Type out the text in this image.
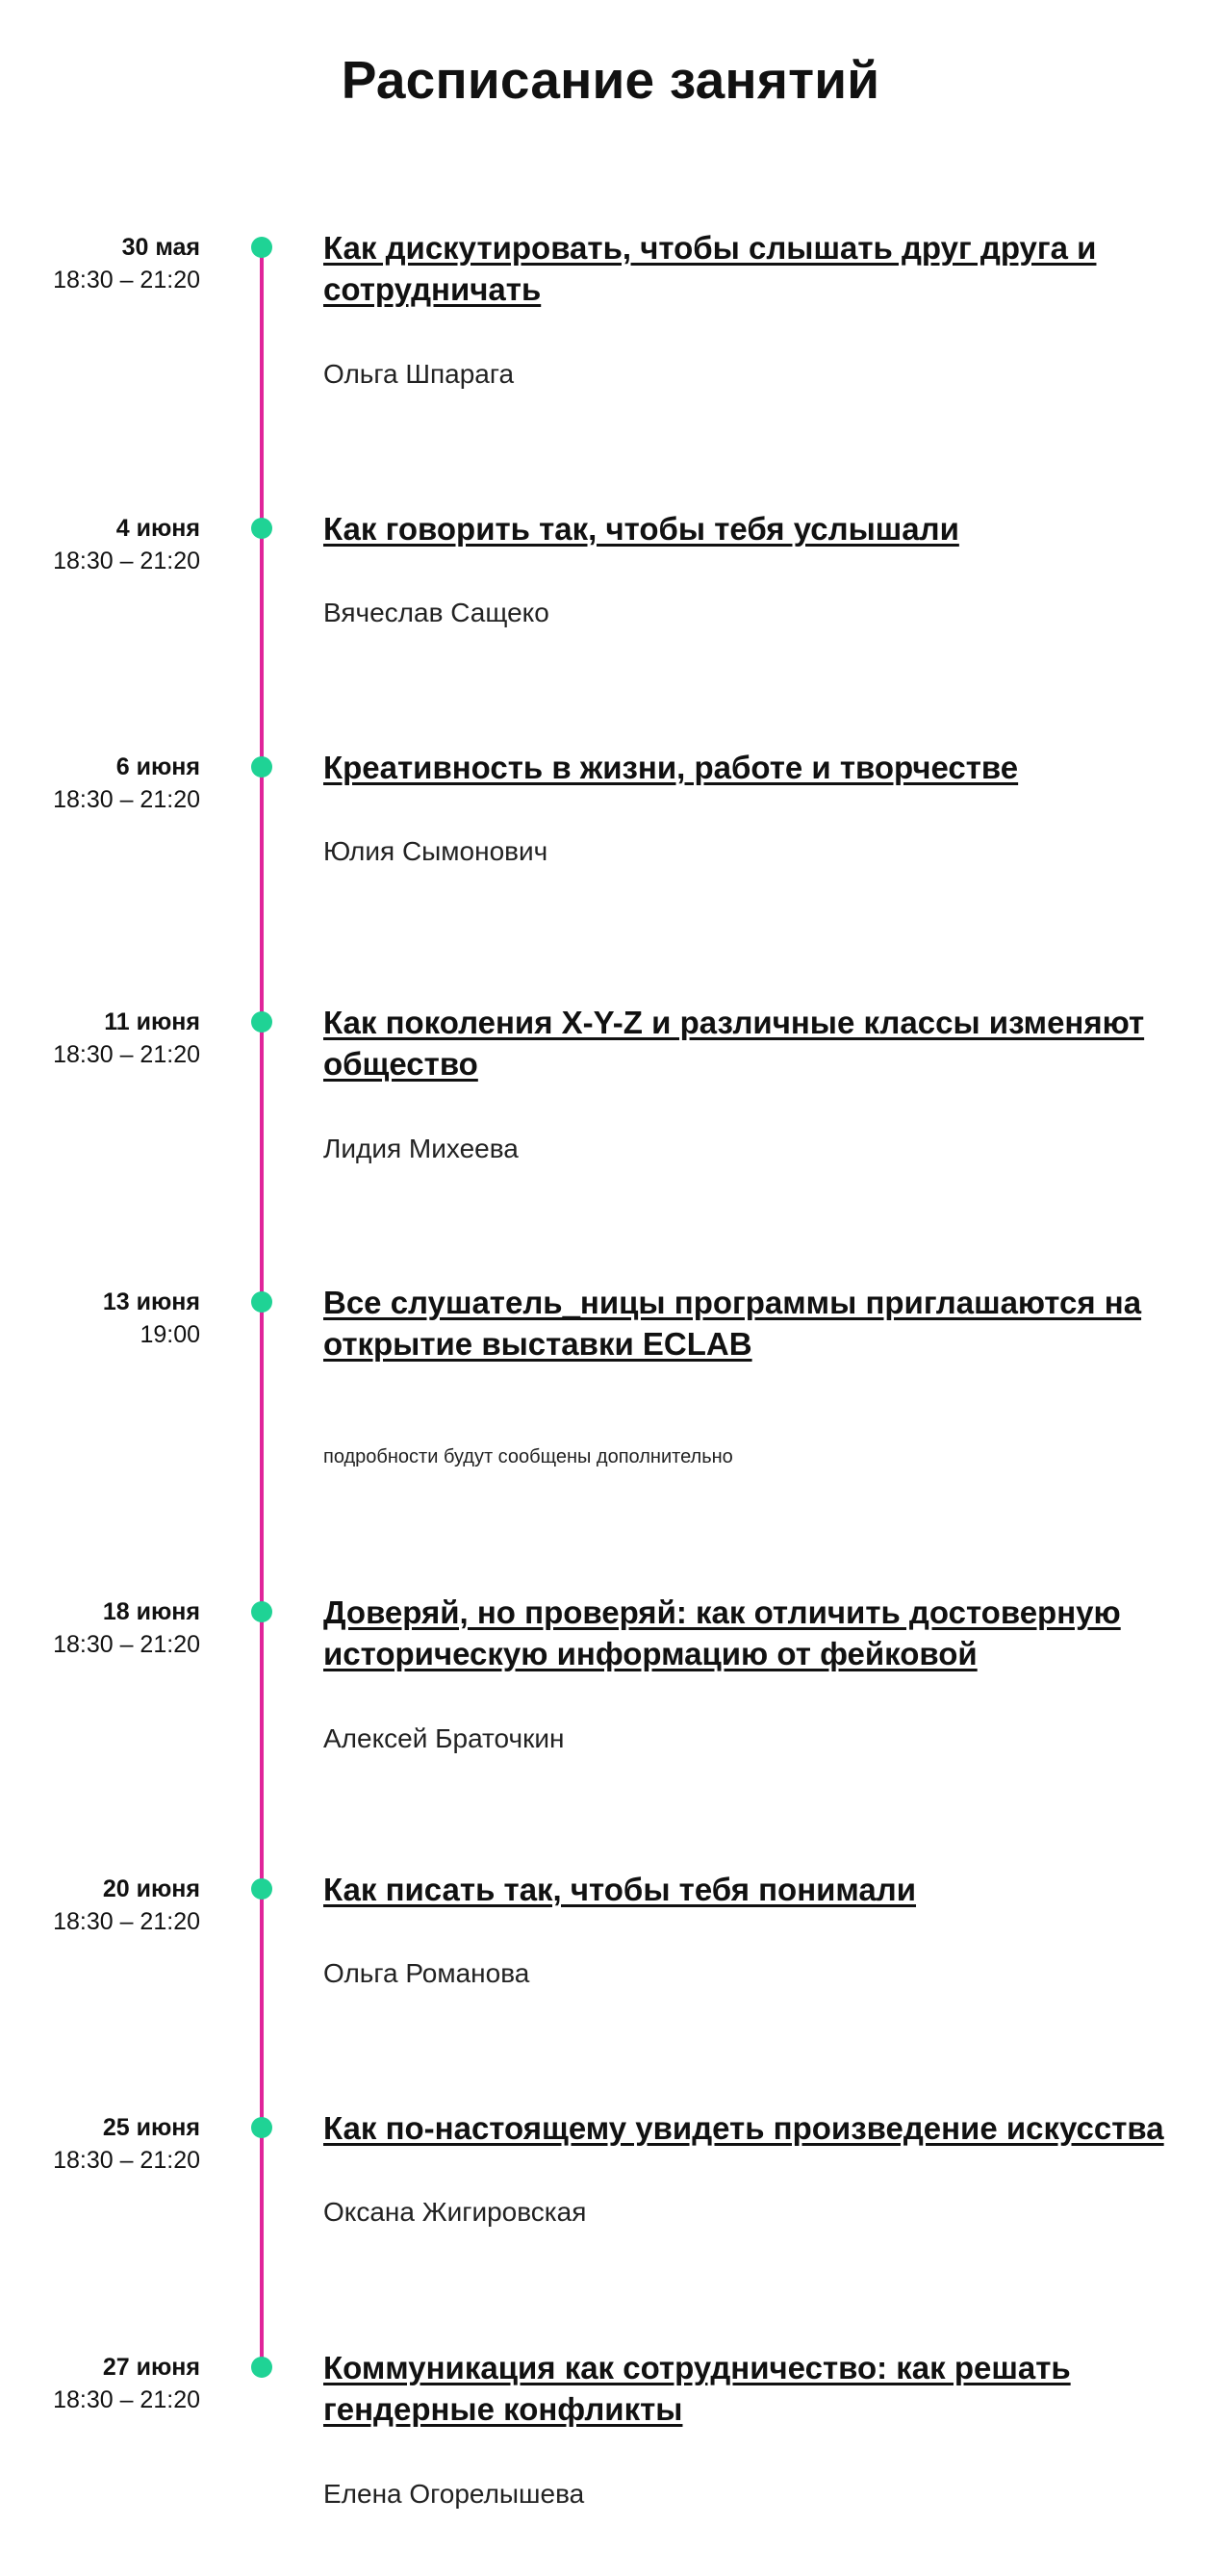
Расписание занятий
30 мая
18:30 – 21:20
Как дискутировать, чтобы слышать друг друга и сотрудничать
Ольга Шпарага
4 июня
18:30 – 21:20
Как говорить так, чтобы тебя услышали
Вячеслав Сащеко
6 июня
18:30 – 21:20
Креативность в жизни, работе и творчестве
Юлия Сымонович
11 июня
18:30 – 21:20
Как поколения X-Y-Z и различные классы изменяют общество
Лидия Михеева
13 июня
19:00
Все слушатель_ницы программы приглашаются на открытие выставки ECLAB
подробности будут сообщены дополнительно
18 июня
18:30 – 21:20
Доверяй, но проверяй: как отличить достоверную историческую информацию от фейковой
Алексей Браточкин
20 июня
18:30 – 21:20
Как писать так, чтобы тебя понимали
Ольга Романова
25 июня
18:30 – 21:20
Как по-настоящему увидеть произведение искусства
Оксана Жигировская
27 июня
18:30 – 21:20
Коммуникация как сотрудничество: как решать гендерные конфликты
Елена Огорелышева
